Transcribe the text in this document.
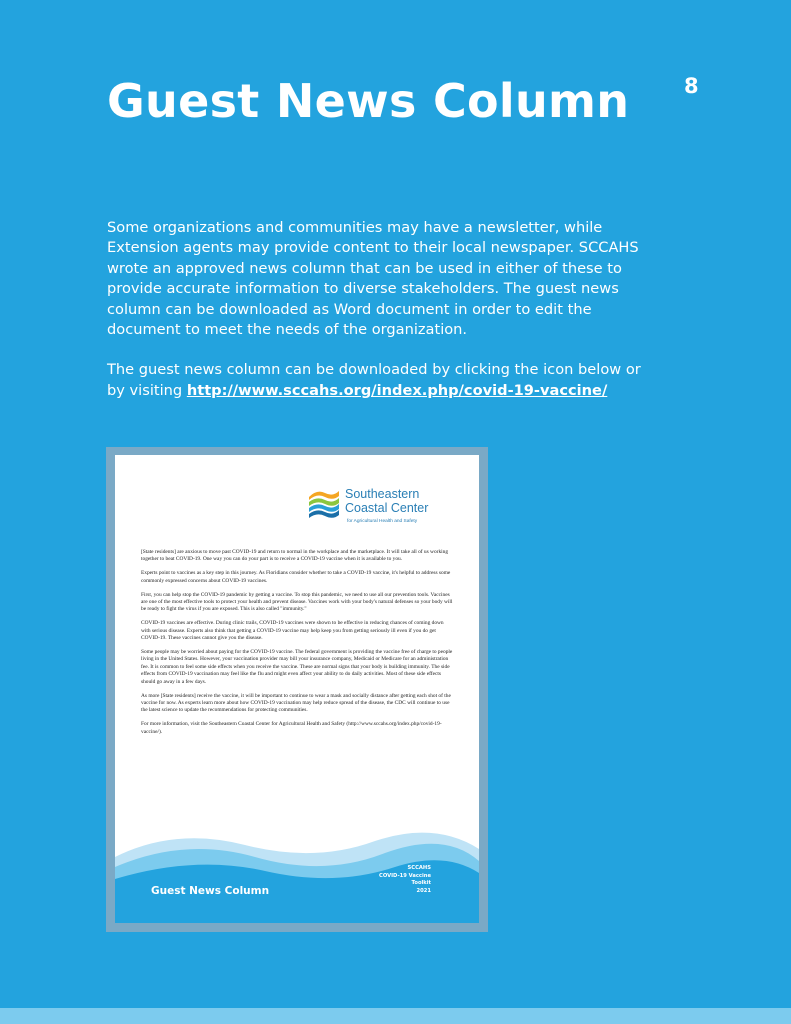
8
Guest News Column

Some organizations and communities may have a newsletter, while Extension agents may provide content to their local newspaper. SCCAHS wrote an approved news column that can be used in either of these to provide accurate information to diverse stakeholders. The guest news column can be downloaded as Word document in order to edit the document to meet the needs of the organization.

The guest news column can be downloaded by clicking the icon below or by visiting http://www.sccahs.org/index.php/covid-19-vaccine/

Southeastern
Coastal Center
for Agricultural Health and Safety

[State residents] are anxious to move past COVID-19 and return to normal in the workplace and the marketplace. It will take all of us working together to beat COVID-19. One way you can do your part is to receive a COVID-19 vaccine when it is available to you.

Experts point to vaccines as a key step in this journey. As Floridians consider whether to take a COVID-19 vaccine, it's helpful to address some commonly expressed concerns about COVID-19 vaccines.

First, you can help stop the COVID-19 pandemic by getting a vaccine. To stop this pandemic, we need to use all our prevention tools. Vaccines are one of the most effective tools to protect your health and prevent disease. Vaccines work with your body's natural defenses so your body will be ready to fight the virus if you are exposed. This is also called "immunity."

COVID-19 vaccines are effective. During clinic trails, COVID-19 vaccines were shown to be effective in reducing chances of coming down with serious disease. Experts also think that getting a COVID-19 vaccine may help keep you from getting seriously ill even if you do get COVID-19. These vaccines cannot give you the disease.

Some people may be worried about paying for the COVID-19 vaccine. The federal government is providing the vaccine free of charge to people living in the United States. However, your vaccination provider may bill your insurance company, Medicaid or Medicare for an administration fee. It is common to feel some side effects when you receive the vaccine. These are normal signs that your body is building immunity. The side effects from COVID-19 vaccination may feel like the flu and might even affect your ability to do daily activities. Most of these side effects should go away in a few days.

As more [State residents] receive the vaccine, it will be important to continue to wear a mask and socially distance after getting each shot of the vaccine for now. As experts learn more about how COVID-19 vaccination may help reduce spread of the disease, the CDC will continue to use the latest science to update the recommendations for protecting communities.

For more information, visit the Southeastern Coastal Center for Agricultural Health and Safety (http://www.sccahs.org/index.php/covid-19-vaccine/).

Guest News Column
SCCAHS
COVID-19 Vaccine
Toolkit
2021
